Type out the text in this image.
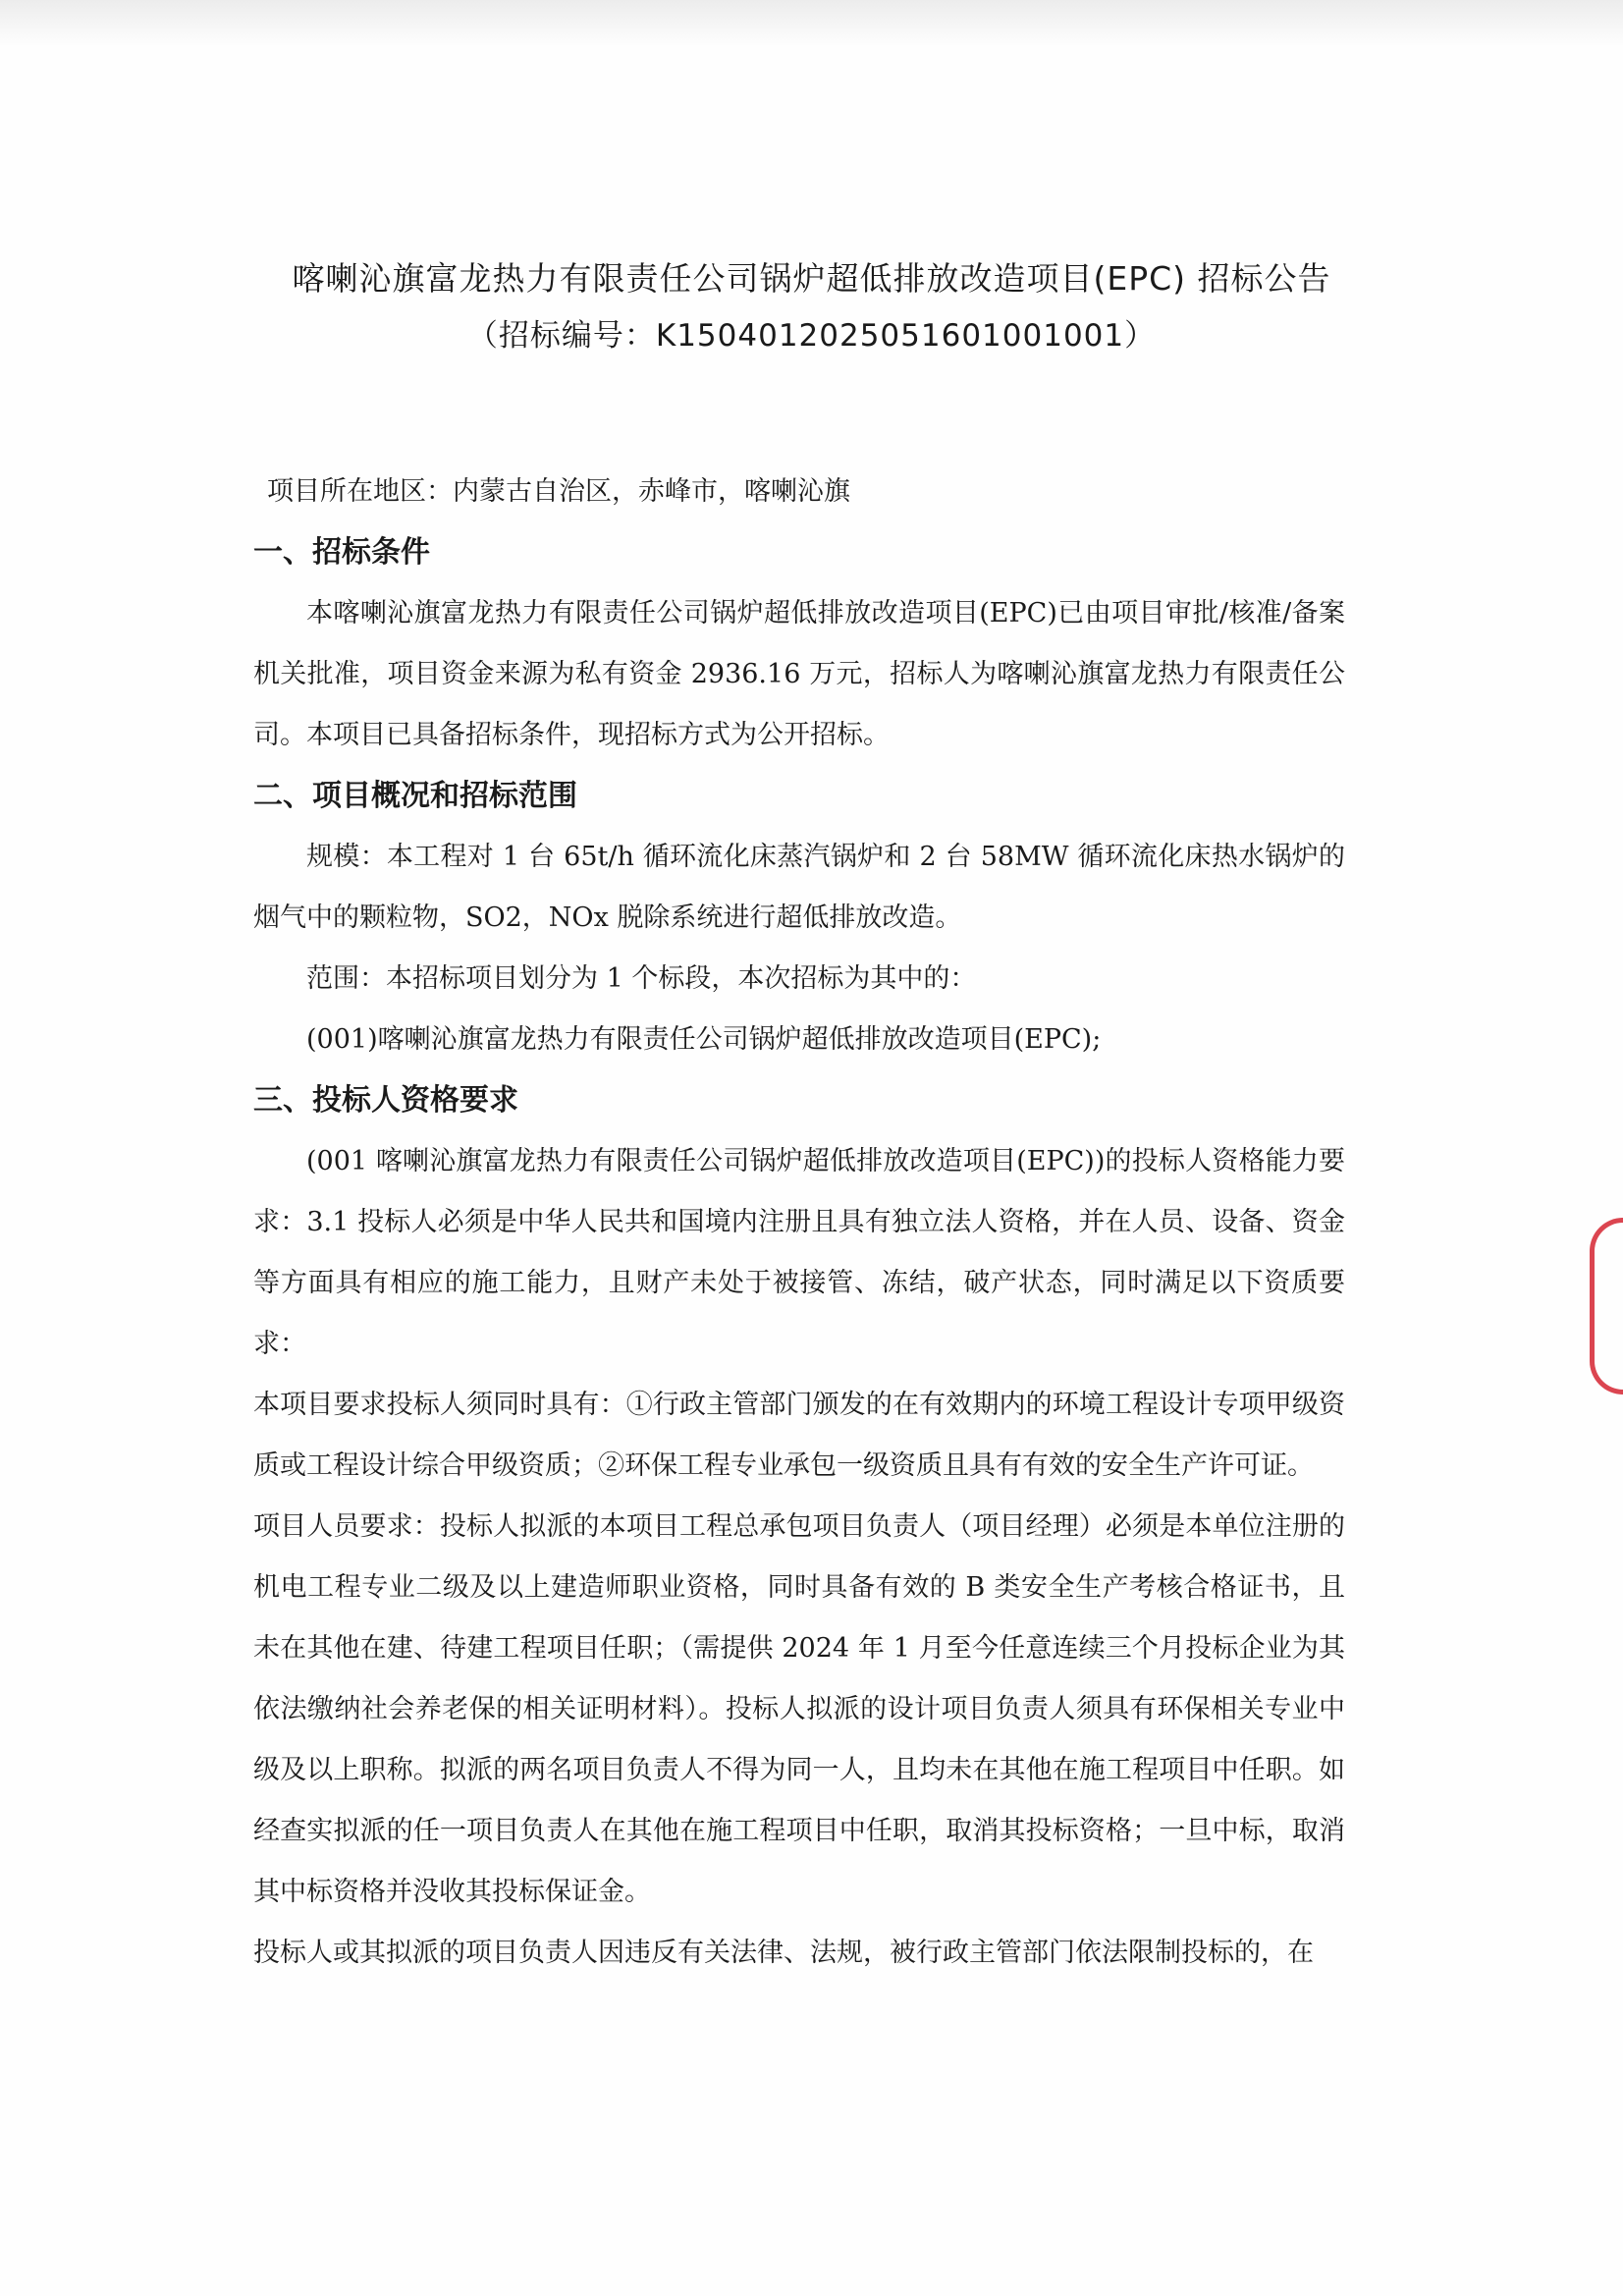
喀喇沁旗富龙热力有限责任公司锅炉超低排放改造项目(EPC) 招标公告
（招标编号：K1504012025051601001001）

项目所在地区：内蒙古自治区，赤峰市，喀喇沁旗

一、招标条件

本喀喇沁旗富龙热力有限责任公司锅炉超低排放改造项目(EPC)已由项目审批/核准/备案机关批准，项目资金来源为私有资金 2936.16 万元，招标人为喀喇沁旗富龙热力有限责任公司。本项目已具备招标条件，现招标方式为公开招标。

二、项目概况和招标范围

规模：本工程对 1 台 65t/h 循环流化床蒸汽锅炉和 2 台 58MW 循环流化床热水锅炉的烟气中的颗粒物，SO2，NOx 脱除系统进行超低排放改造。

范围：本招标项目划分为 1 个标段，本次招标为其中的：

(001)喀喇沁旗富龙热力有限责任公司锅炉超低排放改造项目(EPC);

三、投标人资格要求

(001 喀喇沁旗富龙热力有限责任公司锅炉超低排放改造项目(EPC))的投标人资格能力要求：3.1 投标人必须是中华人民共和国境内注册且具有独立法人资格，并在人员、设备、资金等方面具有相应的施工能力，且财产未处于被接管、冻结，破产状态，同时满足以下资质要求：

本项目要求投标人须同时具有：①行政主管部门颁发的在有效期内的环境工程设计专项甲级资质或工程设计综合甲级资质；②环保工程专业承包一级资质且具有有效的安全生产许可证。

项目人员要求：投标人拟派的本项目工程总承包项目负责人（项目经理）必须是本单位注册的机电工程专业二级及以上建造师职业资格，同时具备有效的 B 类安全生产考核合格证书，且未在其他在建、待建工程项目任职；（需提供 2024 年 1 月至今任意连续三个月投标企业为其依法缴纳社会养老保的相关证明材料）。投标人拟派的设计项目负责人须具有环保相关专业中级及以上职称。拟派的两名项目负责人不得为同一人，且均未在其他在施工程项目中任职。如经查实拟派的任一项目负责人在其他在施工程项目中任职，取消其投标资格；一旦中标，取消其中标资格并没收其投标保证金。

投标人或其拟派的项目负责人因违反有关法律、法规，被行政主管部门依法限制投标的，在
